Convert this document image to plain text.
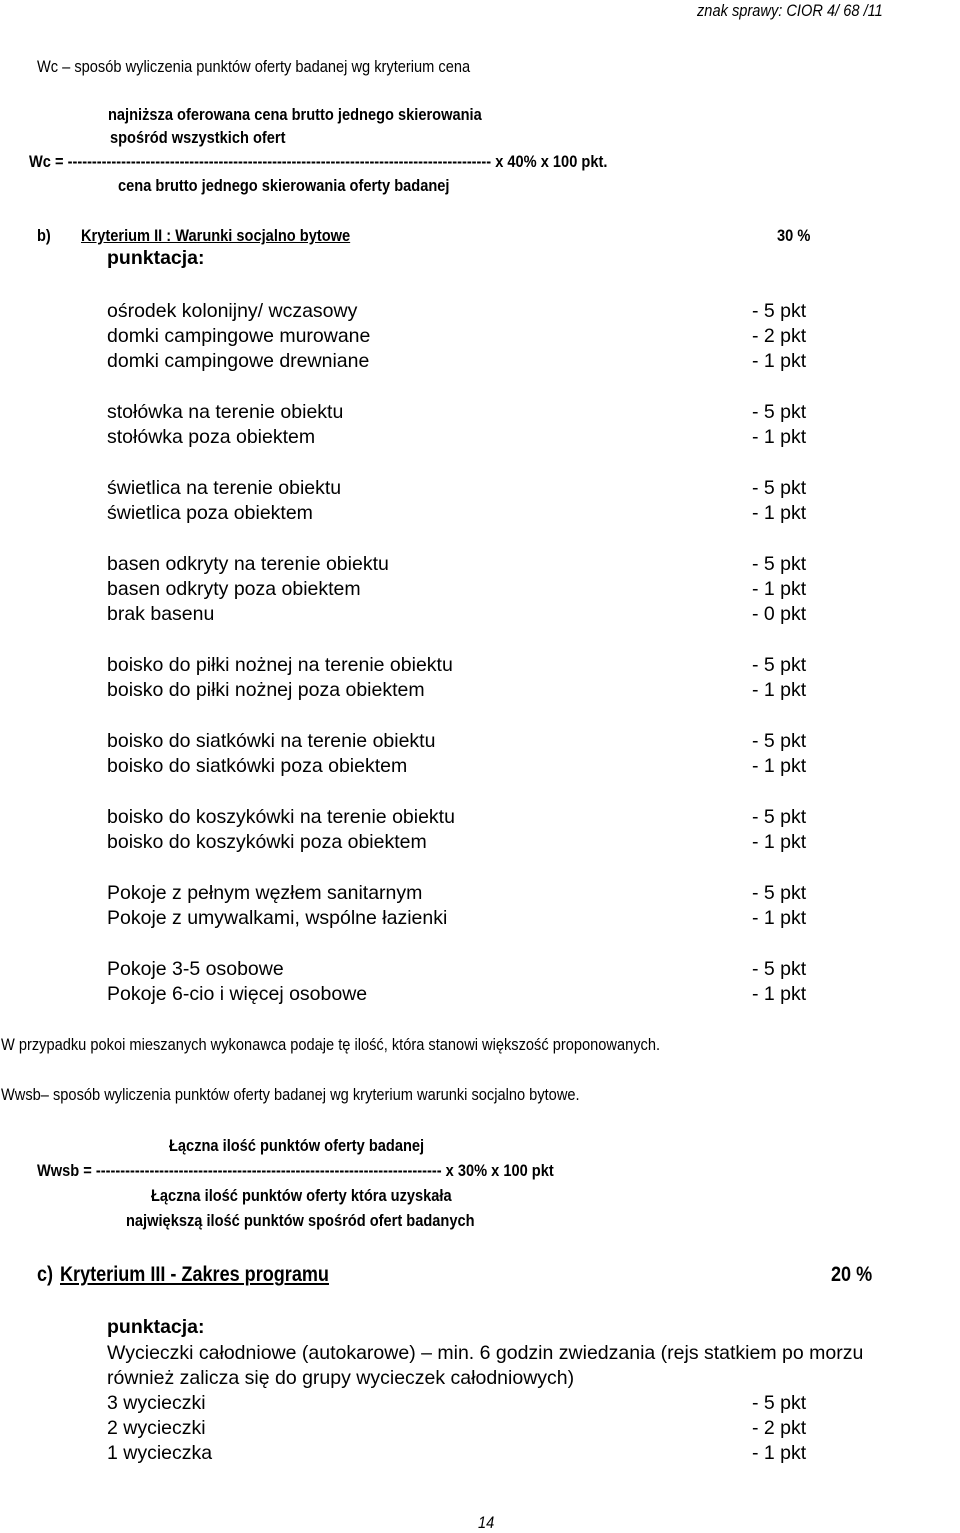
znak sprawy: CIOR 4/ 68 /11
Wc – sposób wyliczenia punktów oferty badanej wg kryterium cena
najniższa oferowana cena brutto jednego skierowania
spośród wszystkich ofert
Wc = --------------------------------------------------------------------------------------- x 40% x 100 pkt.
cena brutto jednego skierowania oferty badanej
b) Kryterium II : Warunki socjalno bytowe	30 %
punktacja:
ośrodek kolonijny/ wczasowy	- 5 pkt
domki campingowe murowane	- 2 pkt
domki campingowe drewniane	- 1 pkt
stołówka na terenie obiektu	- 5 pkt
stołówka poza obiektem	- 1 pkt
świetlica na terenie obiektu	- 5 pkt
świetlica poza obiektem	- 1 pkt
basen odkryty na terenie obiektu	- 5 pkt
basen odkryty poza obiektem	- 1 pkt
brak basenu	- 0 pkt
boisko do piłki nożnej na terenie obiektu	- 5 pkt
boisko do piłki nożnej poza obiektem	- 1 pkt
boisko do siatkówki na terenie obiektu	- 5 pkt
boisko do siatkówki poza obiektem	- 1 pkt
boisko do koszykówki na terenie obiektu	- 5 pkt
boisko do koszykówki poza obiektem	- 1 pkt
Pokoje z pełnym węzłem sanitarnym	- 5 pkt
Pokoje z umywalkami, wspólne łazienki	- 1 pkt
Pokoje 3-5 osobowe	- 5 pkt
Pokoje 6-cio i więcej osobowe	- 1 pkt
W przypadku pokoi mieszanych wykonawca podaje tę ilość, która stanowi większość proponowanych.
Wwsb– sposób wyliczenia punktów oferty badanej wg kryterium warunki socjalno bytowe.
Łączna ilość punktów oferty badanej
Wwsb = ----------------------------------------------------------------------- x 30% x 100 pkt
Łączna ilość punktów oferty która uzyskała
największą ilość punktów spośród ofert badanych
c) Kryterium III - Zakres programu	20 %
punktacja:
Wycieczki całodniowe (autokarowe) – min. 6 godzin zwiedzania (rejs statkiem po morzu
również zalicza się do grupy wycieczek całodniowych)
3 wycieczki	- 5 pkt
2 wycieczki	- 2 pkt
1 wycieczka	- 1 pkt
14
